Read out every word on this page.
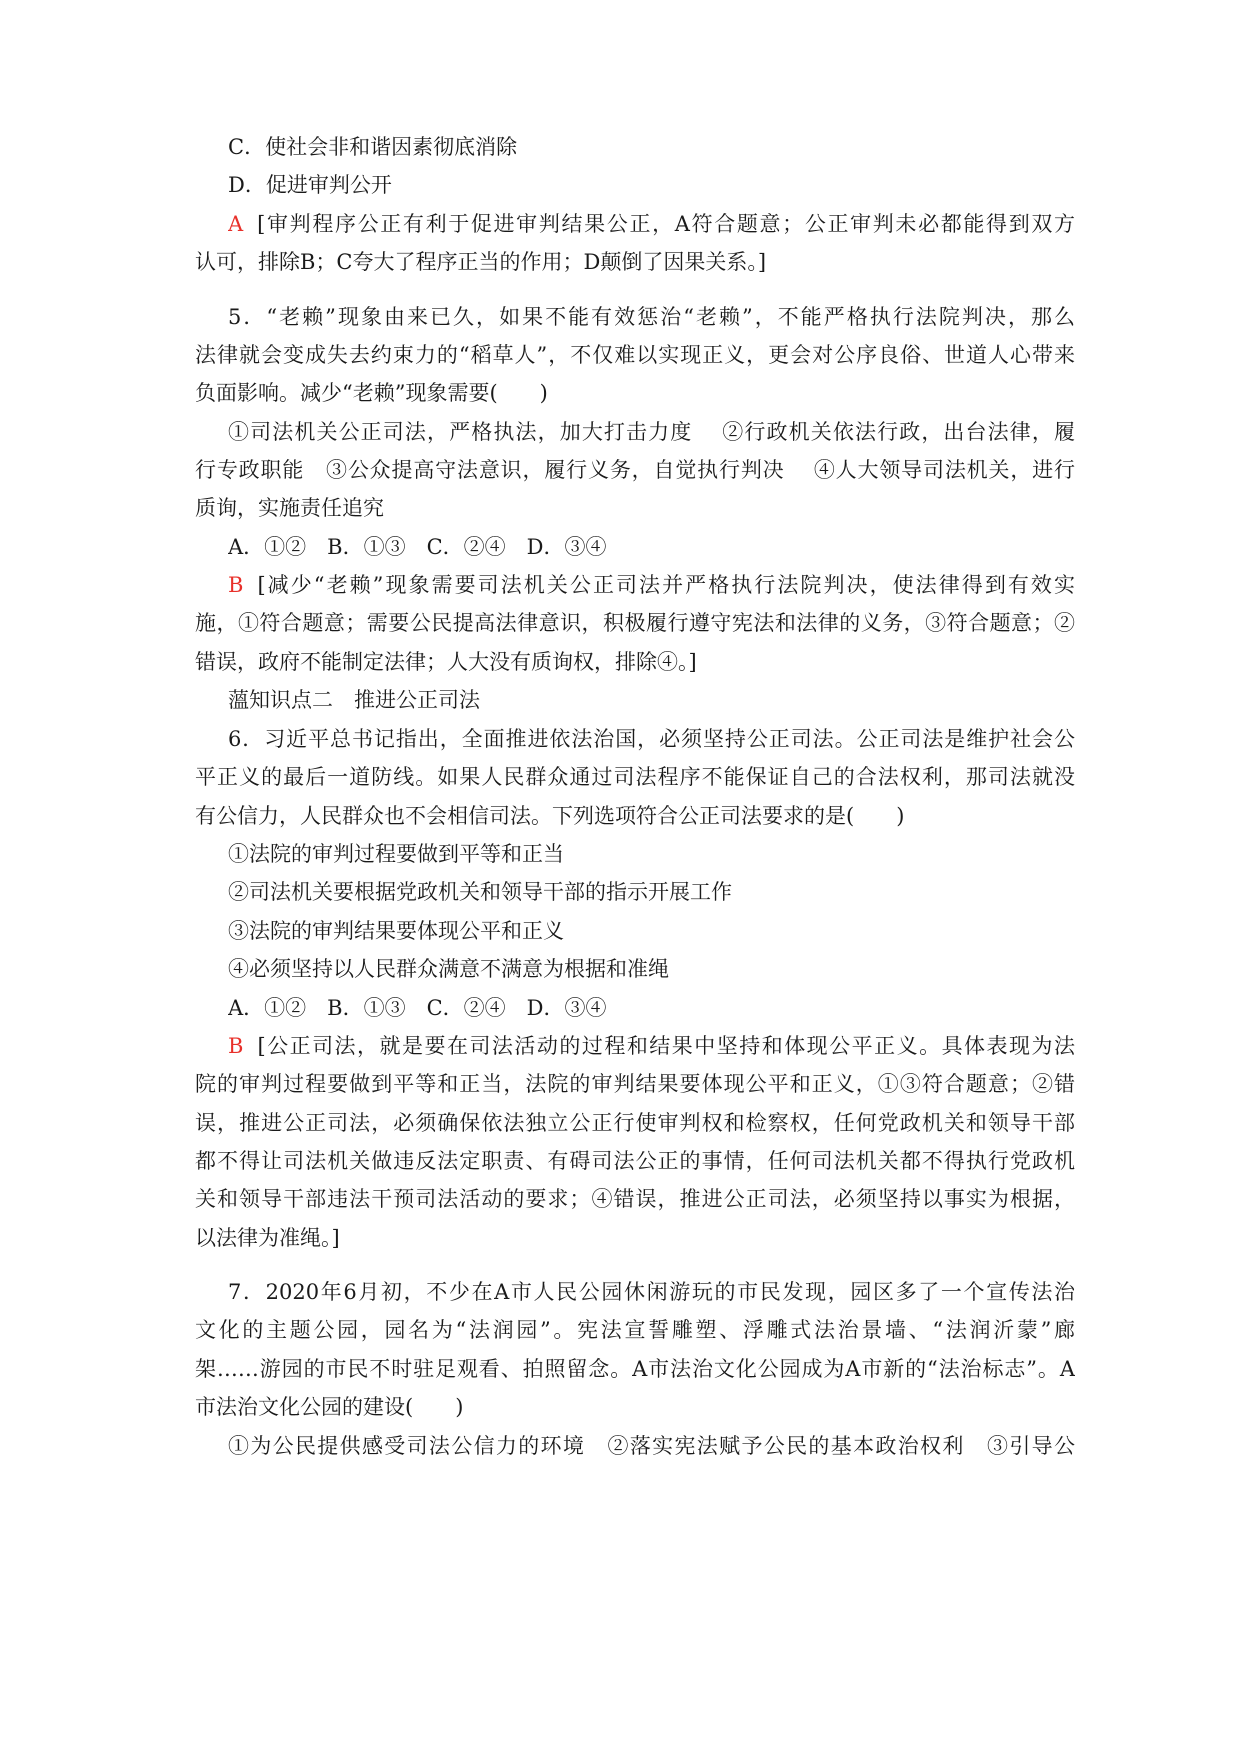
C．使社会非和谐因素彻底消除
D．促进审判公开
A [审判程序公正有利于促进审判结果公正，A符合题意；公正审判未必都能得到双方
认可，排除B；C夸大了程序正当的作用；D颠倒了因果关系。]
5．“老赖”现象由来已久，如果不能有效惩治“老赖”，不能严格执行法院判决，那么
法律就会变成失去约束力的“稻草人”，不仅难以实现正义，更会对公序良俗、世道人心带来
负面影响。减少“老赖”现象需要(　　)
①司法机关公正司法，严格执法，加大打击力度　 ②行政机关依法行政，出台法律，履
行专政职能　③公众提高守法意识，履行义务，自觉执行判决　 ④人大领导司法机关，进行
质询，实施责任追究
A．①②　B．①③　C．②④　D．③④
B [减少“老赖”现象需要司法机关公正司法并严格执行法院判决，使法律得到有效实
施，①符合题意；需要公民提高法律意识，积极履行遵守宪法和法律的义务，③符合题意；②
错误，政府不能制定法律；人大没有质询权，排除④。]
薀知识点二　推进公正司法
6．习近平总书记指出，全面推进依法治国，必须坚持公正司法。公正司法是维护社会公
平正义的最后一道防线。如果人民群众通过司法程序不能保证自己的合法权利，那司法就没
有公信力，人民群众也不会相信司法。下列选项符合公正司法要求的是(　　)
①法院的审判过程要做到平等和正当
②司法机关要根据党政机关和领导干部的指示开展工作
③法院的审判结果要体现公平和正义
④必须坚持以人民群众满意不满意为根据和准绳
A．①②　B．①③　C．②④　D．③④
B [公正司法，就是要在司法活动的过程和结果中坚持和体现公平正义。具体表现为法
院的审判过程要做到平等和正当，法院的审判结果要体现公平和正义，①③符合题意；②错
误，推进公正司法，必须确保依法独立公正行使审判权和检察权，任何党政机关和领导干部
都不得让司法机关做违反法定职责、有碍司法公正的事情，任何司法机关都不得执行党政机
关和领导干部违法干预司法活动的要求；④错误，推进公正司法，必须坚持以事实为根据，
以法律为准绳。]
7．2020年6月初，不少在A市人民公园休闲游玩的市民发现，园区多了一个宣传法治
文化的主题公园，园名为“法润园”。宪法宣誓雕塑、浮雕式法治景墙、“法润沂蒙”廊
架……游园的市民不时驻足观看、拍照留念。A市法治文化公园成为A市新的“法治标志”。A
市法治文化公园的建设(　　)
①为公民提供感受司法公信力的环境　②落实宪法赋予公民的基本政治权利　③引导公
